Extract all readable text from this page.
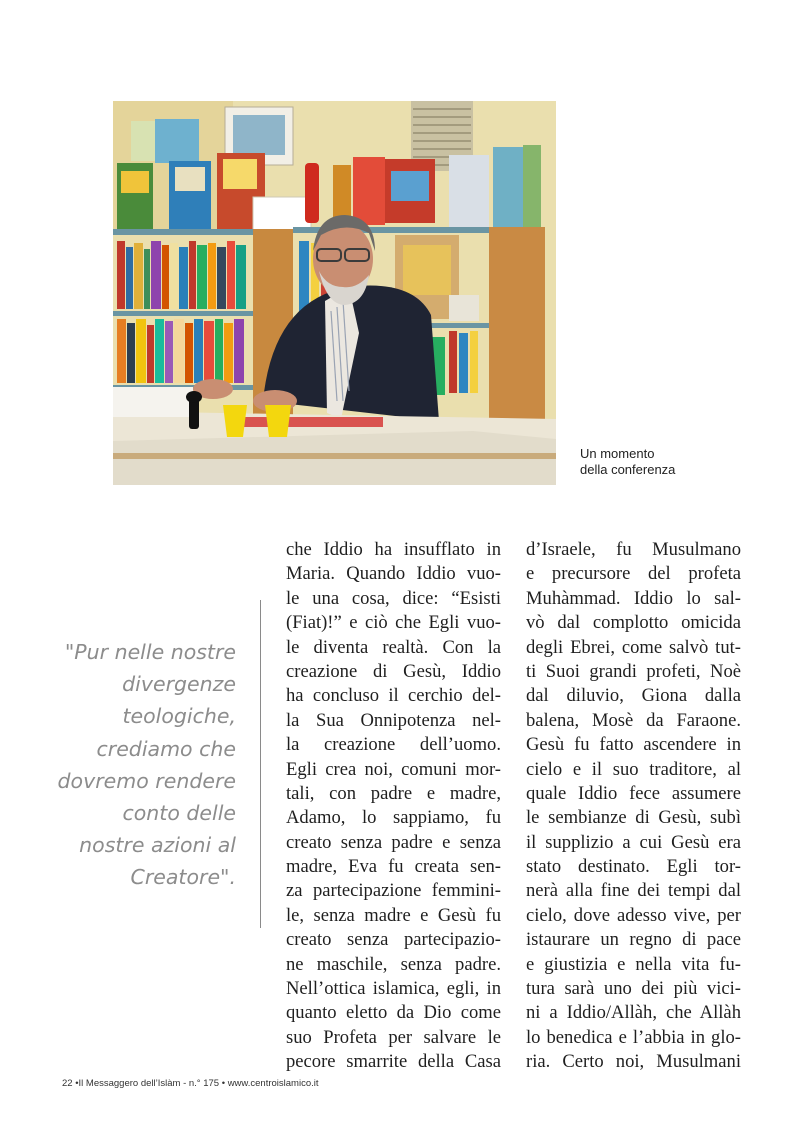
Un momento
della conferenza
"Pur nelle nostre
divergenze
teologiche,
crediamo che
dovremo rendere
conto delle
nostre azioni al
Creatore".
che Iddio ha insufflato in
Maria. Quando Iddio vuo-
le una cosa, dice: “Esisti
(Fiat)!” e ciò che Egli vuo-
le diventa realtà. Con la
creazione di Gesù, Iddio
ha concluso il cerchio del-
la Sua Onnipotenza nel-
la creazione dell’uomo.
Egli crea noi, comuni mor-
tali, con padre e madre,
Adamo, lo sappiamo, fu
creato senza padre e senza
madre, Eva fu creata sen-
za partecipazione femmini-
le, senza madre e Gesù fu
creato senza partecipazio-
ne maschile, senza padre.
Nell’ottica islamica, egli, in
quanto eletto da Dio come
suo Profeta per salvare le
pecore smarrite della Casa
d’Israele, fu Musulmano
e precursore del profeta
Muhàmmad. Iddio lo sal-
vò dal complotto omicida
degli Ebrei, come salvò tut-
ti Suoi grandi profeti, Noè
dal diluvio, Giona dalla
balena, Mosè da Faraone.
Gesù fu fatto ascendere in
cielo e il suo traditore, al
quale Iddio fece assumere
le sembianze di Gesù, subì
il supplizio a cui Gesù era
stato destinato. Egli tor-
nerà alla fine dei tempi dal
cielo, dove adesso vive, per
istaurare un regno di pace
e giustizia e nella vita fu-
tura sarà uno dei più vici-
ni a Iddio/Allàh, che Allàh
lo benedica e l’abbia in glo-
ria. Certo noi, Musulmani
22 •Il Messaggero dell’Islàm - n.° 175 • www.centroislamico.it
